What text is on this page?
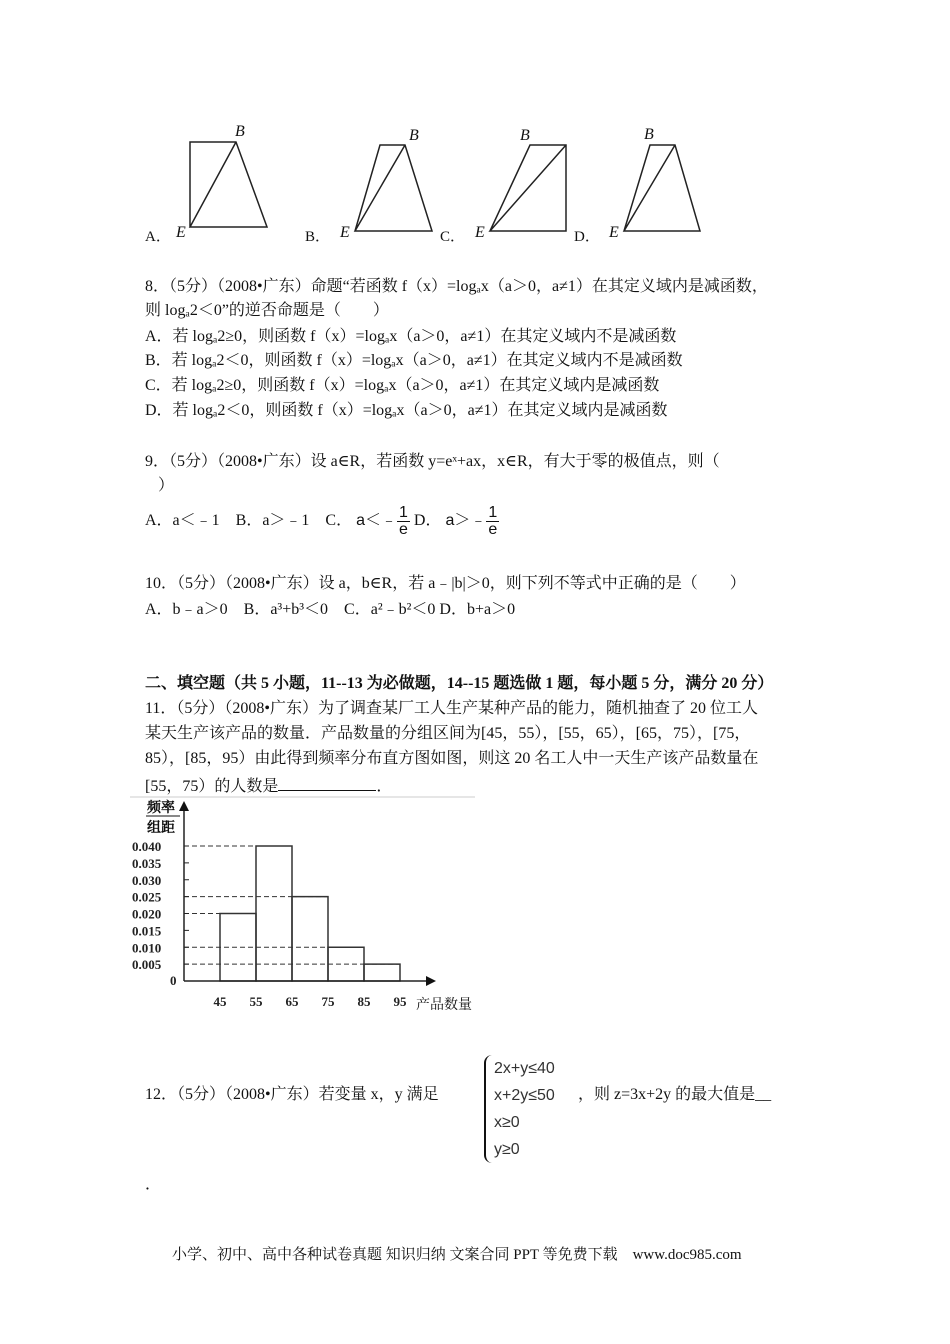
A．	B．	C．	D．
E	E	E	E
B	B	B	B
8．（5分）（2008•广东）命题“若函数 f（x）=logₐx（a＞0，a≠1）在其定义域内是减函数，
则 logₐ2＜0”的逆否命题是（　　）
A．若 logₐ2≥0，则函数 f（x）=logₐx（a＞0，a≠1）在其定义域内不是减函数
B．若 logₐ2＜0，则函数 f（x）=logₐx（a＞0，a≠1）在其定义域内不是减函数
C．若 logₐ2≥0，则函数 f（x）=logₐx（a＞0，a≠1）在其定义域内是减函数
D．若 logₐ2＜0，则函数 f（x）=logₐx（a＞0，a≠1）在其定义域内是减函数
9．（5分）（2008•广东）设 a∈R，若函数 y=eˣ+ax，x∈R，有大于零的极值点，则（
）
A．a＜﹣1　B．a＞﹣1　C． a＜﹣ $\frac{1}{e}$ D． a＞﹣ $\frac{1}{e}$
10．（5分）（2008•广东）设 a，b∈R，若 a﹣|b|＞0，则下列不等式中正确的是（　　）
A．b﹣a＞0　B．a³+b³＜0　C．a²﹣b²＜0 D．b+a＞0
二、填空题（共 5 小题，11--13 为必做题，14--15 题选做 1 题，每小题 5 分，满分 20 分）
11．（5分）（2008•广东）为了调查某厂工人生产某种产品的能力，随机抽查了 20 位工人
某天生产该产品的数量．产品数量的分组区间为[45，55），[55，65），[65，75），[75，
85），[85，95）由此得到频率分布直方图如图，则这 20 名工人中一天生产该产品数量在
[55，75）的人数是	．
0
0.005
0.010
0.015
0.020
0.025
0.030
0.035
0.040
45 55 65 75 85 95 产品数量
频率
组距
12．（5分）（2008•广东）若变量 x，y 满足
2x+y≤40
x+2y≤50
x≥0
y≥0
，则 z=3x+2y 的最大值是__
．
小学、初中、高中各种试卷真题 知识归纳 文案合同 PPT 等免费下载　www.doc985.com
